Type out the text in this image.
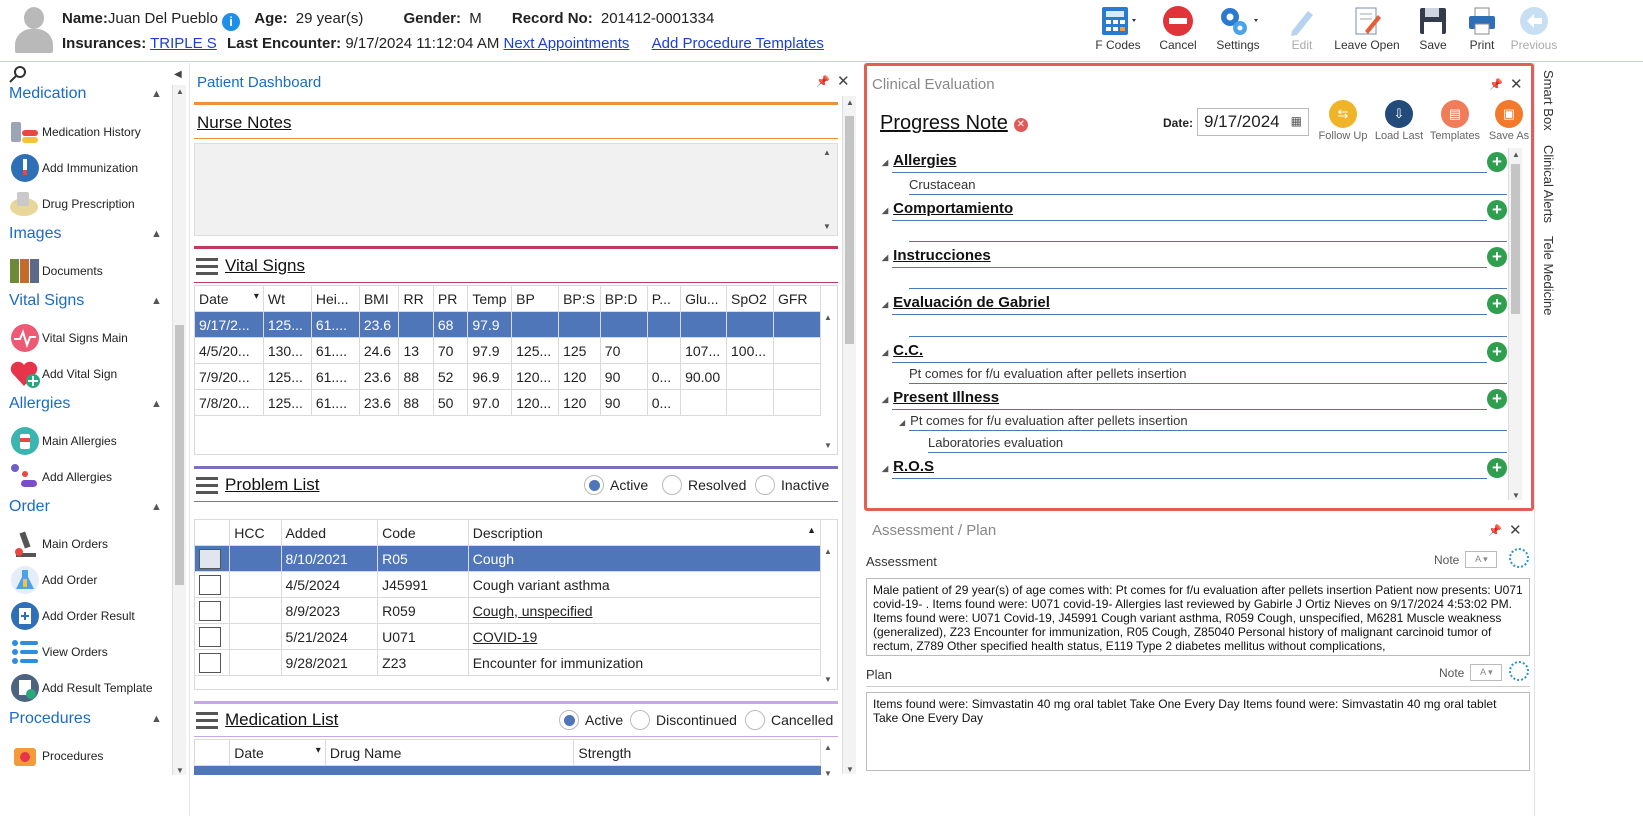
Name:Juan Del Pueblo i Age: 29 year(s)	Gender: M Record No: 201412-0001334
Insurances: TRIPLE S Last Encounter: 9/17/2024 11:12:04 AM Next Appointments Add Procedure Templates	F Codes	Cancel	Settings	Edit	Leave Open	Save	Print	Previous
◀
Medication	▲
Medication History
Add Immunization
Drug Prescription
Images	▲
Documents
Vital Signs	▲
Vital Signs Main
Add Vital Sign
Allergies	▲
Main Allergies
Add Allergies
Order	▲
Main Orders
Add Order
Add Order Result
View Orders
Add Result Template
Procedures	▲
Procedures
▲
▼
Patient Dashboard	📌 ✕
Nurse Notes
▲
▼
Vital Signs
Date ▾	Wt	Hei...	BMI	RR	PR	Temp	BP	BP:S	BP:D	P...	Glu...	SpO2	GFR
9/17/2...	125...	61....	23.6		68	97.9							
4/5/20...	130...	61....	24.6	13	70	97.9	125...	125	70		107...	100...	
7/9/20...	125...	61....	23.6	88	52	96.9	120...	120	90	0...	90.00		
7/8/20...	125...	61....	23.6	88	50	97.0	120...	120	90	0...			
▲
▼
Problem List	Active	Resolved Inactive
	HCC	Added	Code	Description ▲

		8/10/2021	R05	Cough

		4/5/2024	J45991	Cough variant asthma

		8/9/2023	R059	Cough, unspecified

		5/21/2024	U071	COVID-19

		9/28/2021	Z23	Encounter for immunization
▲
▼
Medication List	Active Discontinued Cancelled
	Date	▾	Drug Name	Strength	▲
▼
▲
▼
Clinical Evaluation	📌 ✕
Progress Note ✕	Date: 9/17/2024 ▦	⇆
Follow Up
⇩
Load Last
▤
Templates
▣
Save As
◢ Allergies	+
Crustacean
◢ Comportamiento	+
◢ Instrucciones	+
◢ Evaluación de Gabriel	+
◢ C.C.	+
Pt comes for f/u evaluation after pellets insertion
◢ Present Illness	+
◢ Pt comes for f/u evaluation after pellets insertion
Laboratories evaluation
◢ R.O.S	+
▲
▼
Assessment / Plan	📌 ✕
Assessment	Note	A ▾
Male patient of 29 year(s) of age comes with: Pt comes for f/u evaluation after pellets insertion Patient now presents: U071 covid-19- . Items found were: U071 covid-19- Allergies last reviewed by Gabirle J Ortiz Nieves on 9/17/2024 4:53:02 PM. Items found were: U071 Covid-19, J45991 Cough variant asthma, R059 Cough, unspecified, M6281 Muscle weakness (generalized), Z23 Encounter for immunization, R05 Cough, Z85040 Personal history of malignant carcinoid tumor of rectum, Z789 Other specified health status, E119 Type 2 diabetes mellitus without complications,
Plan	Note	A ▾
Items found were: Simvastatin 40 mg oral tablet Take One Every Day Items found were: Simvastatin 40 mg oral tablet Take One Every Day
Smart Box
Clinical Alerts
Tele Medicine
